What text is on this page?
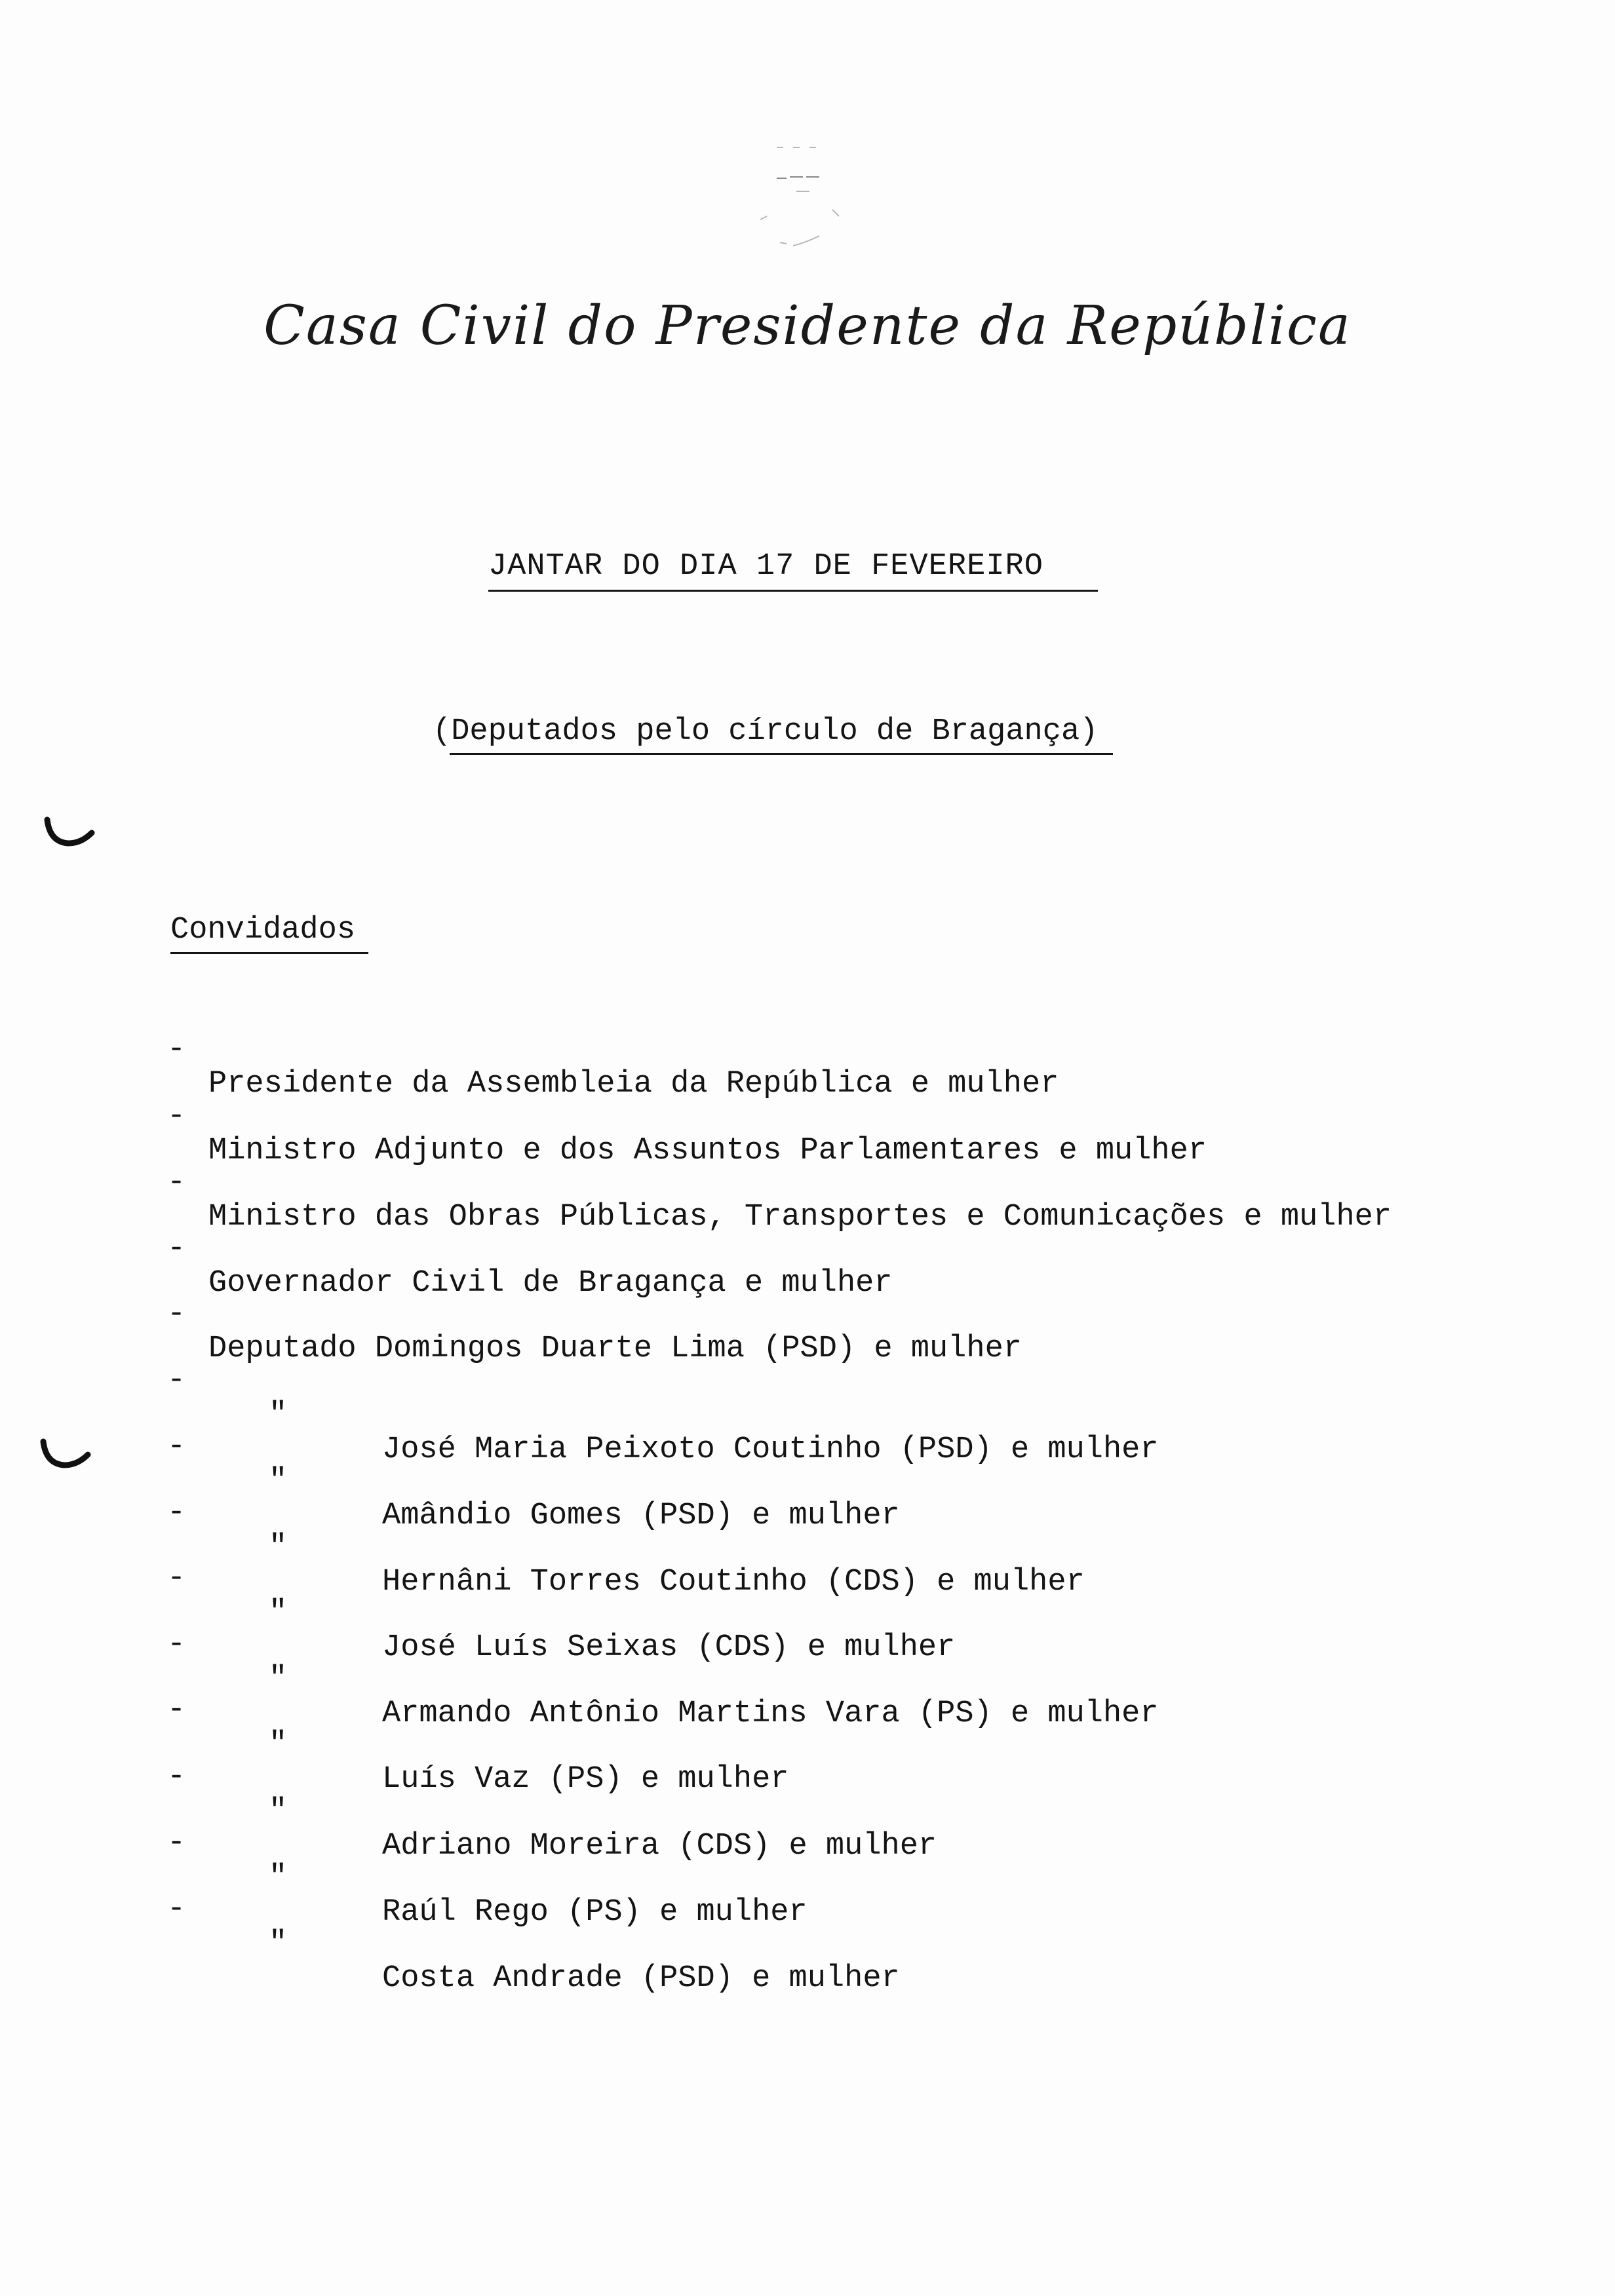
Casa Civil do Presidente da República
JANTAR DO DIA 17 DE FEVEREIRO
(Deputados pelo círculo de Bragança)
Convidados

-

Presidente da Assembleia da República e mulher

-

Ministro Adjunto e dos Assuntos Parlamentares e mulher

-

Ministro das Obras Públicas, Transportes e Comunicações e mulher

-

Governador Civil de Bragança e mulher

-

Deputado Domingos Duarte Lima (PSD) e mulher

-

"

José Maria Peixoto Coutinho (PSD) e mulher

-

"

Amândio Gomes (PSD) e mulher

-

"

Hernâni Torres Coutinho (CDS) e mulher

-

"

José Luís Seixas (CDS) e mulher

-

"

Armando Antônio Martins Vara (PS) e mulher

-

"

Luís Vaz (PS) e mulher

-

"

Adriano Moreira (CDS) e mulher

-

"

Raúl Rego (PS) e mulher

-

"

Costa Andrade (PSD) e mulher
